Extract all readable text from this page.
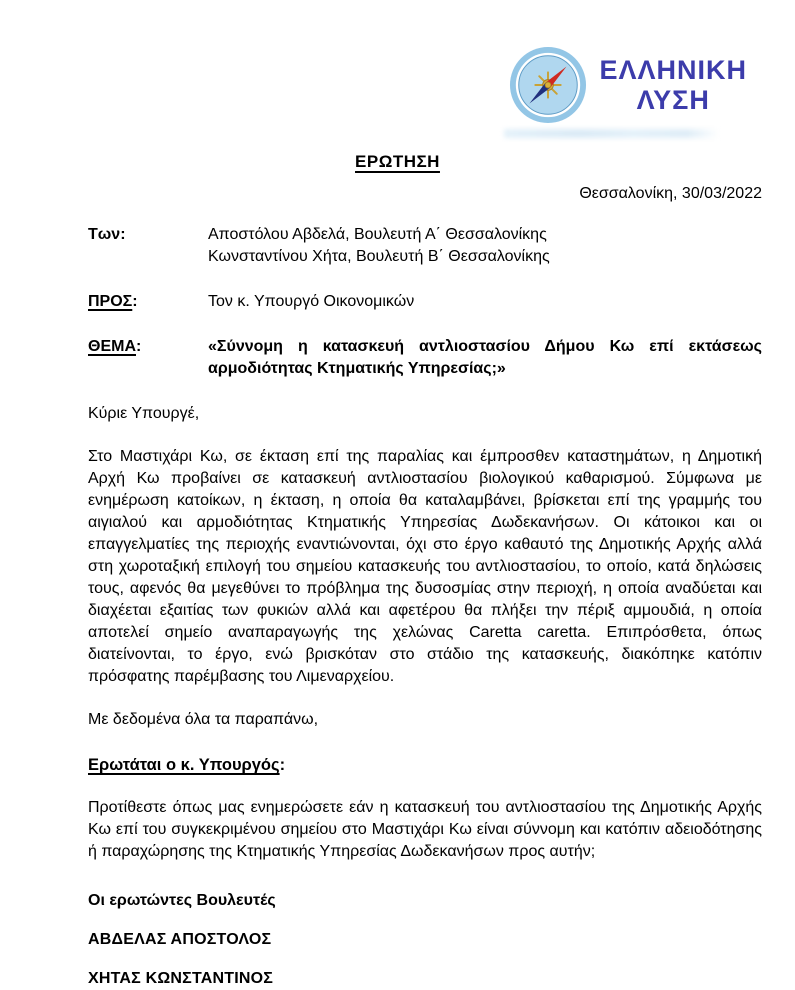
ΕΛΛΗΝΙΚΗ
ΛΥΣΗ
ΕΡΩΤΗΣΗ
Θεσσαλονίκη, 30/03/2022
Των:	Αποστόλου Αβδελά, Βουλευτή Α΄ Θεσσαλονίκης
Κωνσταντίνου Χήτα, Βουλευτή Β΄ Θεσσαλονίκης
ΠΡΟΣ:	Τον κ. Υπουργό Οικονομικών
ΘΕΜΑ:	«Σύννομη η κατασκευή αντλιοστασίου Δήμου Κω επί εκτάσεως αρμοδιότητας Κτηματικής Υπηρεσίας;»

Κύριε Υπουργέ,

Στο Μαστιχάρι Κω, σε έκταση επί της παραλίας και έμπροσθεν καταστημάτων, η Δημοτική Αρχή Κω προβαίνει σε κατασκευή αντλιοστασίου βιολογικού καθαρισμού. Σύμφωνα με ενημέρωση κατοίκων, η έκταση, η οποία θα καταλαμβάνει, βρίσκεται επί της γραμμής του αιγιαλού και αρμοδιότητας Κτηματικής Υπηρεσίας Δωδεκανήσων. Οι κάτοικοι και οι επαγγελματίες της περιοχής εναντιώνονται, όχι στο έργο καθαυτό της Δημοτικής Αρχής αλλά στη χωροταξική επιλογή του σημείου κατασκευής του αντλιοστασίου, το οποίο, κατά δηλώσεις τους, αφενός θα μεγεθύνει το πρόβλημα της δυσοσμίας στην περιοχή, η οποία αναδύεται και διαχέεται εξαιτίας των φυκιών αλλά και αφετέρου θα πλήξει την πέριξ αμμουδιά, η οποία αποτελεί σημείο αναπαραγωγής της χελώνας Caretta caretta. Επιπρόσθετα, όπως διατείνονται, το έργο, ενώ βρισκόταν στο στάδιο της κατασκευής, διακόπηκε κατόπιν πρόσφατης παρέμβασης του Λιμεναρχείου.

Με δεδομένα όλα τα παραπάνω,

Ερωτάται ο κ. Υπουργός:

Προτίθεστε όπως μας ενημερώσετε εάν η κατασκευή του αντλιοστασίου της Δημοτικής Αρχής Κω επί του συγκεκριμένου σημείου στο Μαστιχάρι Κω είναι σύννομη και κατόπιν αδειοδότησης ή παραχώρησης της Κτηματικής Υπηρεσίας Δωδεκανήσων προς αυτήν;

Οι ερωτώντες Βουλευτές

ΑΒΔΕΛΑΣ ΑΠΟΣΤΟΛΟΣ

ΧΗΤΑΣ ΚΩΝΣΤΑΝΤΙΝΟΣ
